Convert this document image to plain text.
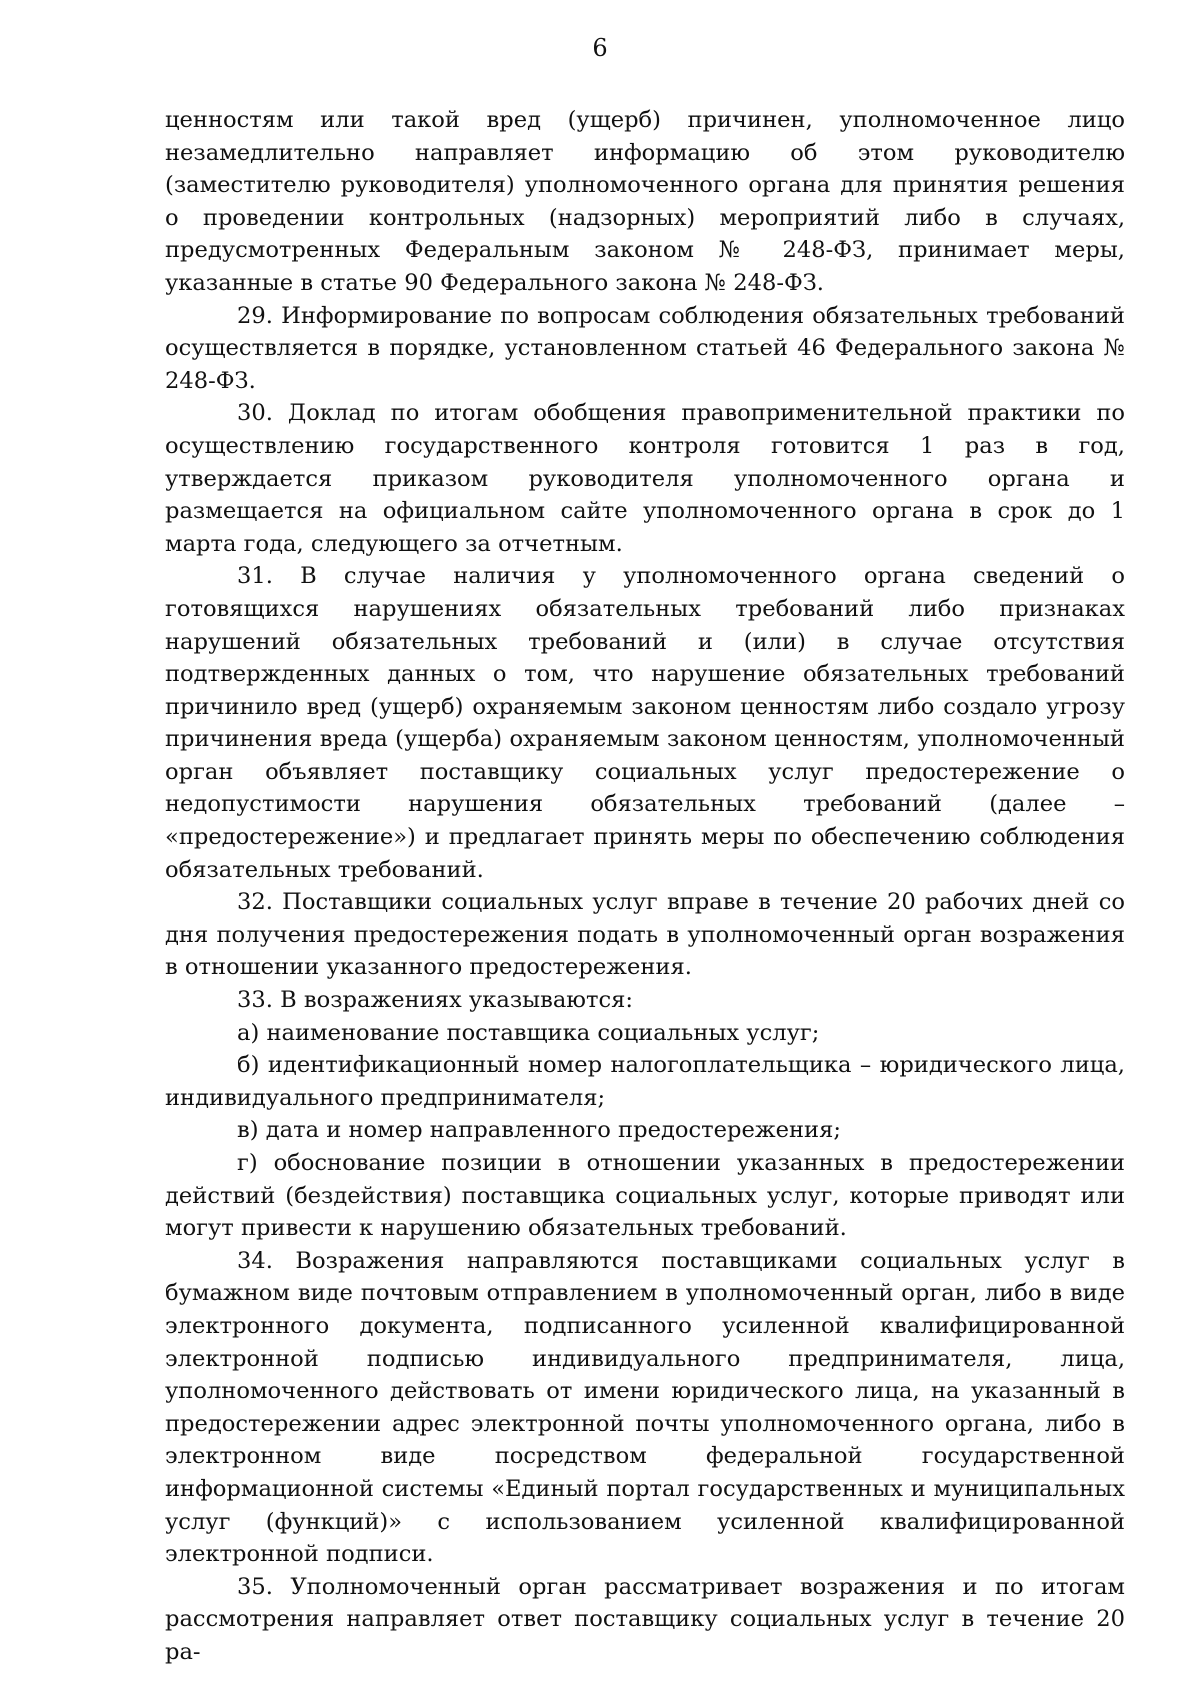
6

ценностям или такой вред (ущерб) причинен, уполномоченное лицо незамедлительно направляет информацию об этом руководителю (заместителю руководителя) уполномоченного органа для принятия решения о проведении контрольных (надзорных) мероприятий либо в случаях, предусмотренных Федеральным законом № 248-ФЗ, принимает меры, указанные в статье 90 Федерального закона № 248-ФЗ.

29. Информирование по вопросам соблюдения обязательных требований осуществляется в порядке, установленном статьей 46 Федерального закона № 248-ФЗ.

30. Доклад по итогам обобщения правоприменительной практики по осуществлению государственного контроля готовится 1 раз в год, утверждается приказом руководителя уполномоченного органа и размещается на официальном сайте уполномоченного органа в срок до 1 марта года, следующего за отчетным.

31. В случае наличия у уполномоченного органа сведений о готовящихся нарушениях обязательных требований либо признаках нарушений обязательных требований и (или) в случае отсутствия подтвержденных данных о том, что нарушение обязательных требований причинило вред (ущерб) охраняемым законом ценностям либо создало угрозу причинения вреда (ущерба) охраняемым законом ценностям, уполномоченный орган объявляет поставщику социальных услуг предостережение о недопустимости нарушения обязательных требований (далее – «предостережение») и предлагает принять меры по обеспечению соблюдения обязательных требований.

32. Поставщики социальных услуг вправе в течение 20 рабочих дней со дня получения предостережения подать в уполномоченный орган возражения в отношении указанного предостережения.

33. В возражениях указываются:

а) наименование поставщика социальных услуг;

б) идентификационный номер налогоплательщика – юридического лица, индивидуального предпринимателя;

в) дата и номер направленного предостережения;

г) обоснование позиции в отношении указанных в предостережении действий (бездействия) поставщика социальных услуг, которые приводят или могут привести к нарушению обязательных требований.

34. Возражения направляются поставщиками социальных услуг в бумажном виде почтовым отправлением в уполномоченный орган, либо в виде электронного документа, подписанного усиленной квалифицированной электронной подписью индивидуального предпринимателя, лица, уполномоченного действовать от имени юридического лица, на указанный в предостережении адрес электронной почты уполномоченного органа, либо в электронном виде посредством федеральной государственной информационной системы «Единый портал государственных и муниципальных услуг (функций)» с использованием усиленной квалифицированной электронной подписи.

35. Уполномоченный орган рассматривает возражения и по итогам рассмотрения направляет ответ поставщику социальных услуг в течение 20 ра-
